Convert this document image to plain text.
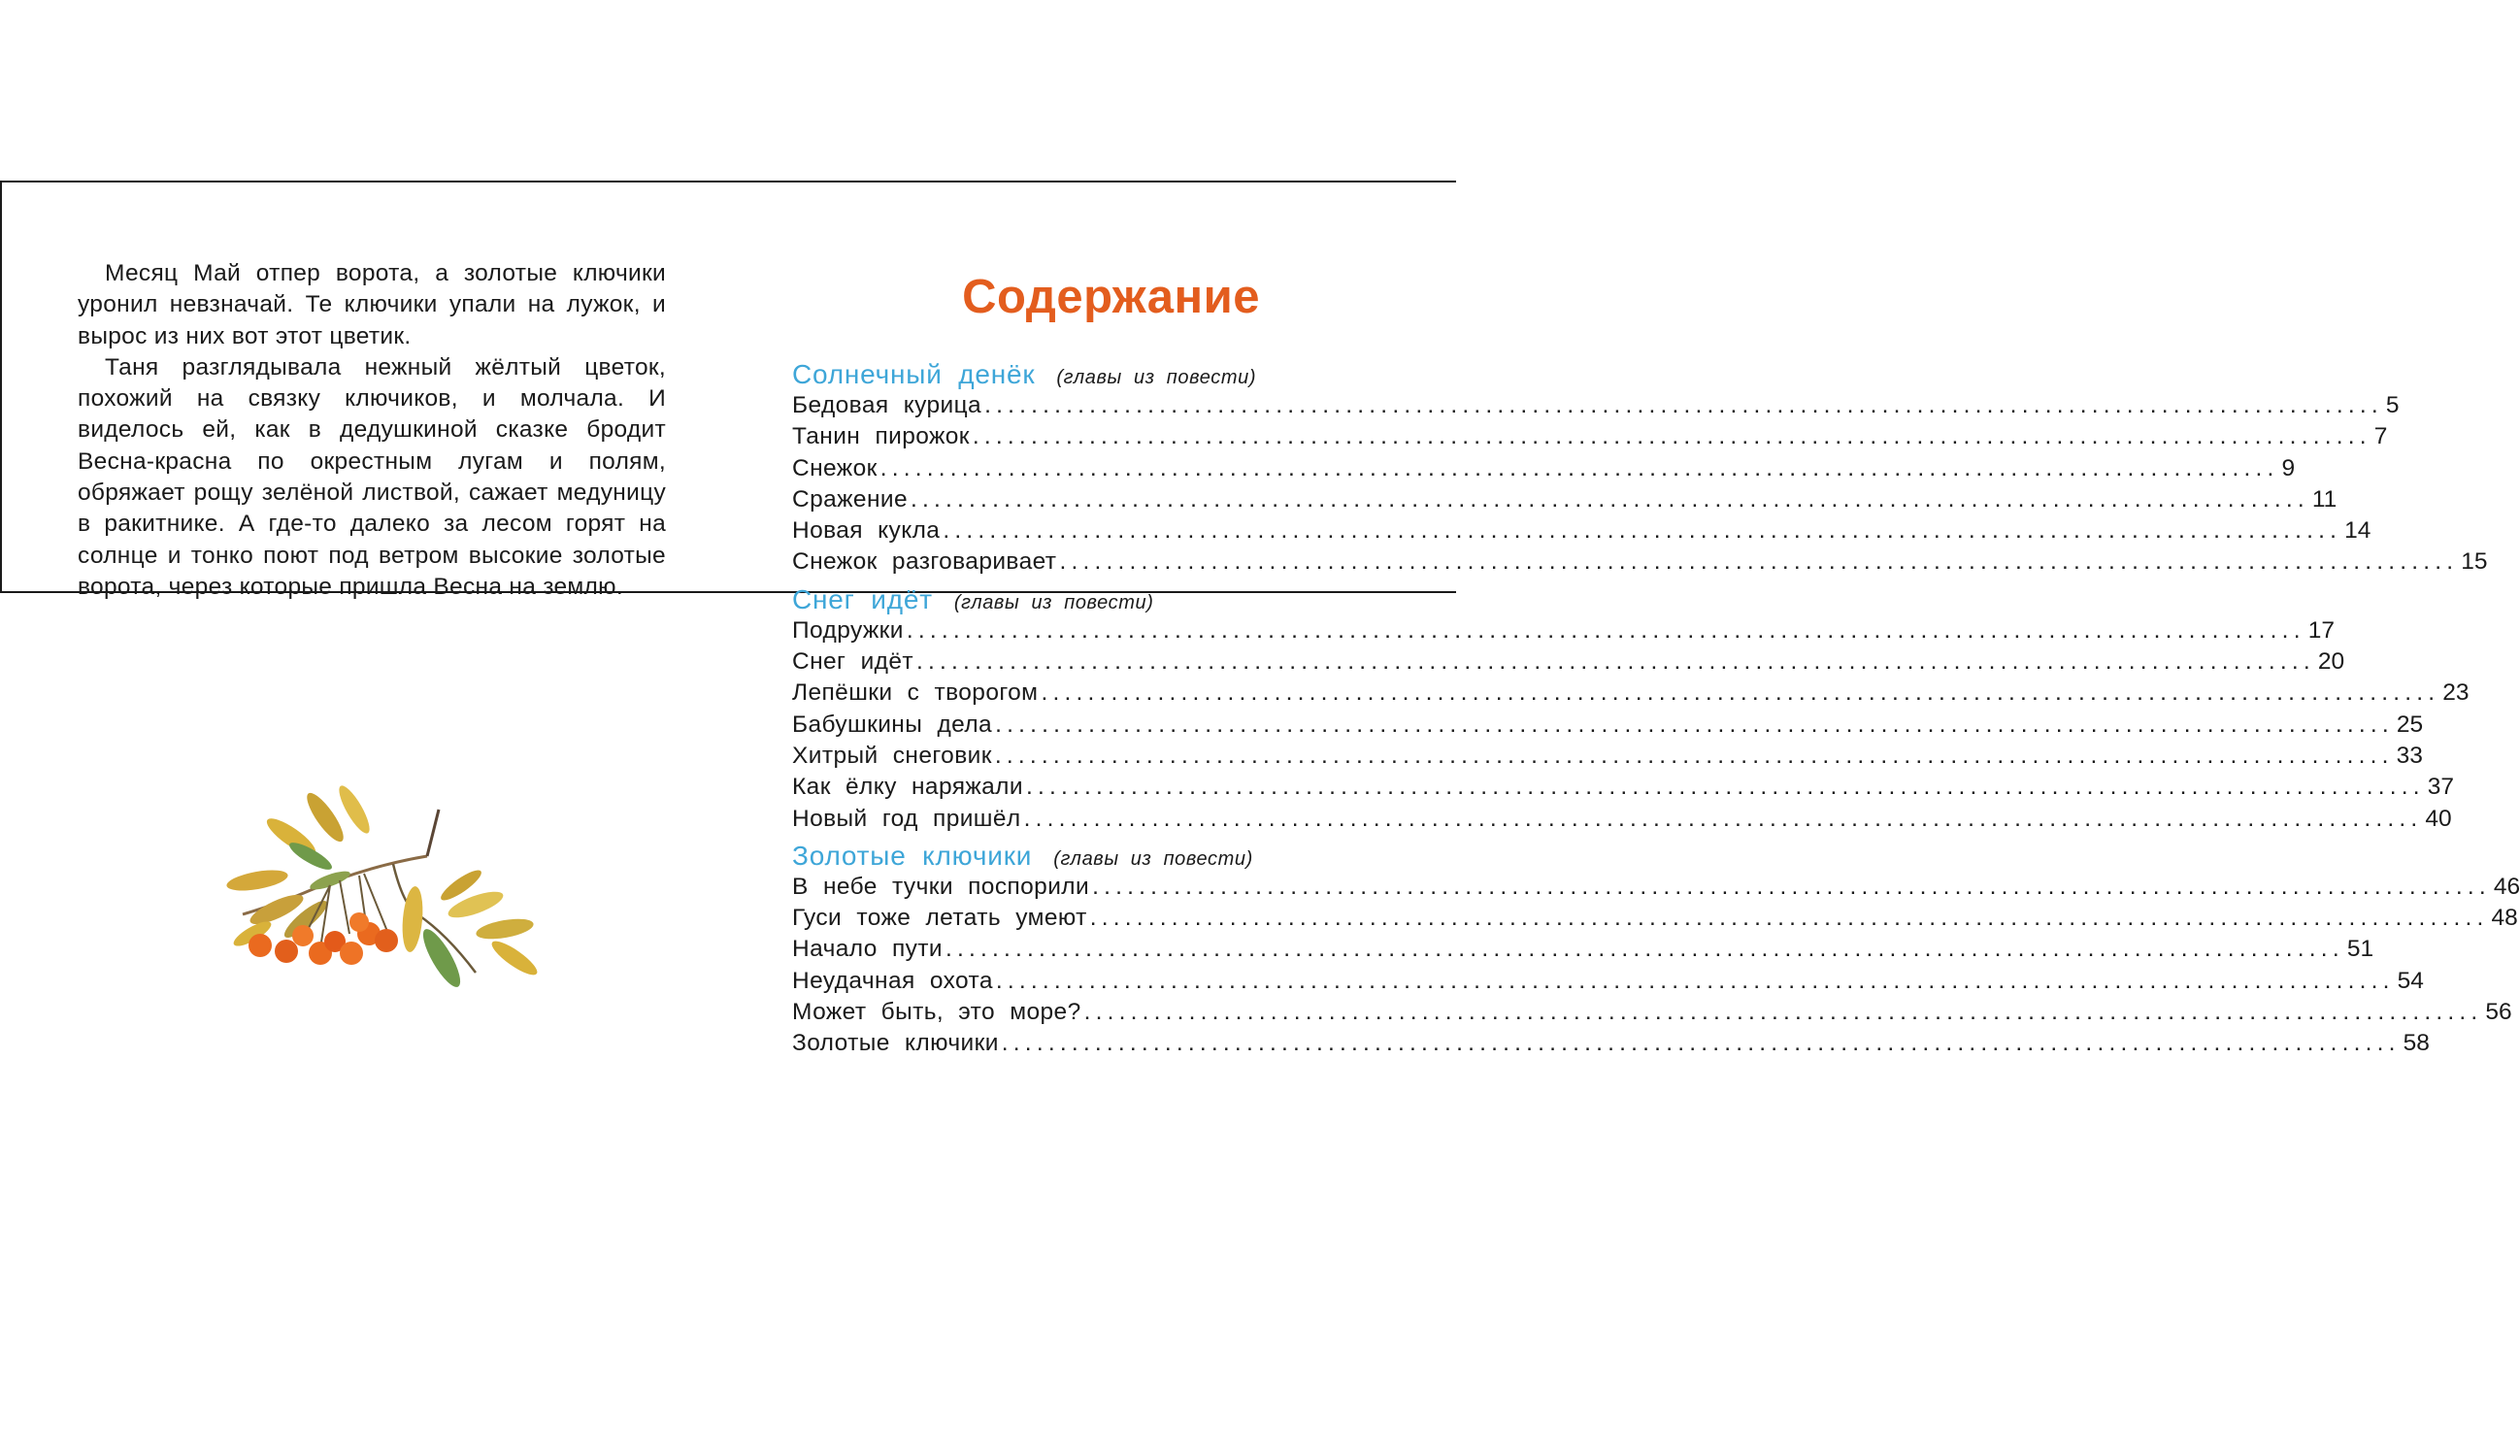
Месяц Май отпер ворота, а золотые ключики уронил невзначай. Те ключики упали на лужок, и вырос из них вот этот цветик.

Таня разглядывала нежный жёлтый цветок, похожий на связку ключиков, и молчала. И виделось ей, как в дедушкиной сказке бродит Весна-красна по окрестным лугам и полям, обряжает рощу зелёной листвой, сажает медуницу в ракитнике. А где-то далеко за лесом горят на солнце и тонко поют под ветром высокие золотые ворота, через которые пришла Весна на землю.

Содержание
Солнечный денёк (главы из повести)
Бедовая курица ........................................................................................................................ 5
Танин пирожок ........................................................................................................................ 7
Снежок ........................................................................................................................ 9
Сражение ........................................................................................................................ 11
Новая кукла ........................................................................................................................ 14
Снежок разговаривает ........................................................................................................................ 15
Снег идёт (главы из повести)
Подружки ........................................................................................................................ 17
Снег идёт ........................................................................................................................ 20
Лепёшки с творогом ........................................................................................................................ 23
Бабушкины дела ........................................................................................................................ 25
Хитрый снеговик ........................................................................................................................ 33
Как ёлку наряжали ........................................................................................................................ 37
Новый год пришёл ........................................................................................................................ 40
Золотые ключики (главы из повести)
В небе тучки поспорили ........................................................................................................................ 46
Гуси тоже летать умеют ........................................................................................................................ 48
Начало пути ........................................................................................................................ 51
Неудачная охота ........................................................................................................................ 54
Может быть, это море? ........................................................................................................................ 56
Золотые ключики ........................................................................................................................ 58
